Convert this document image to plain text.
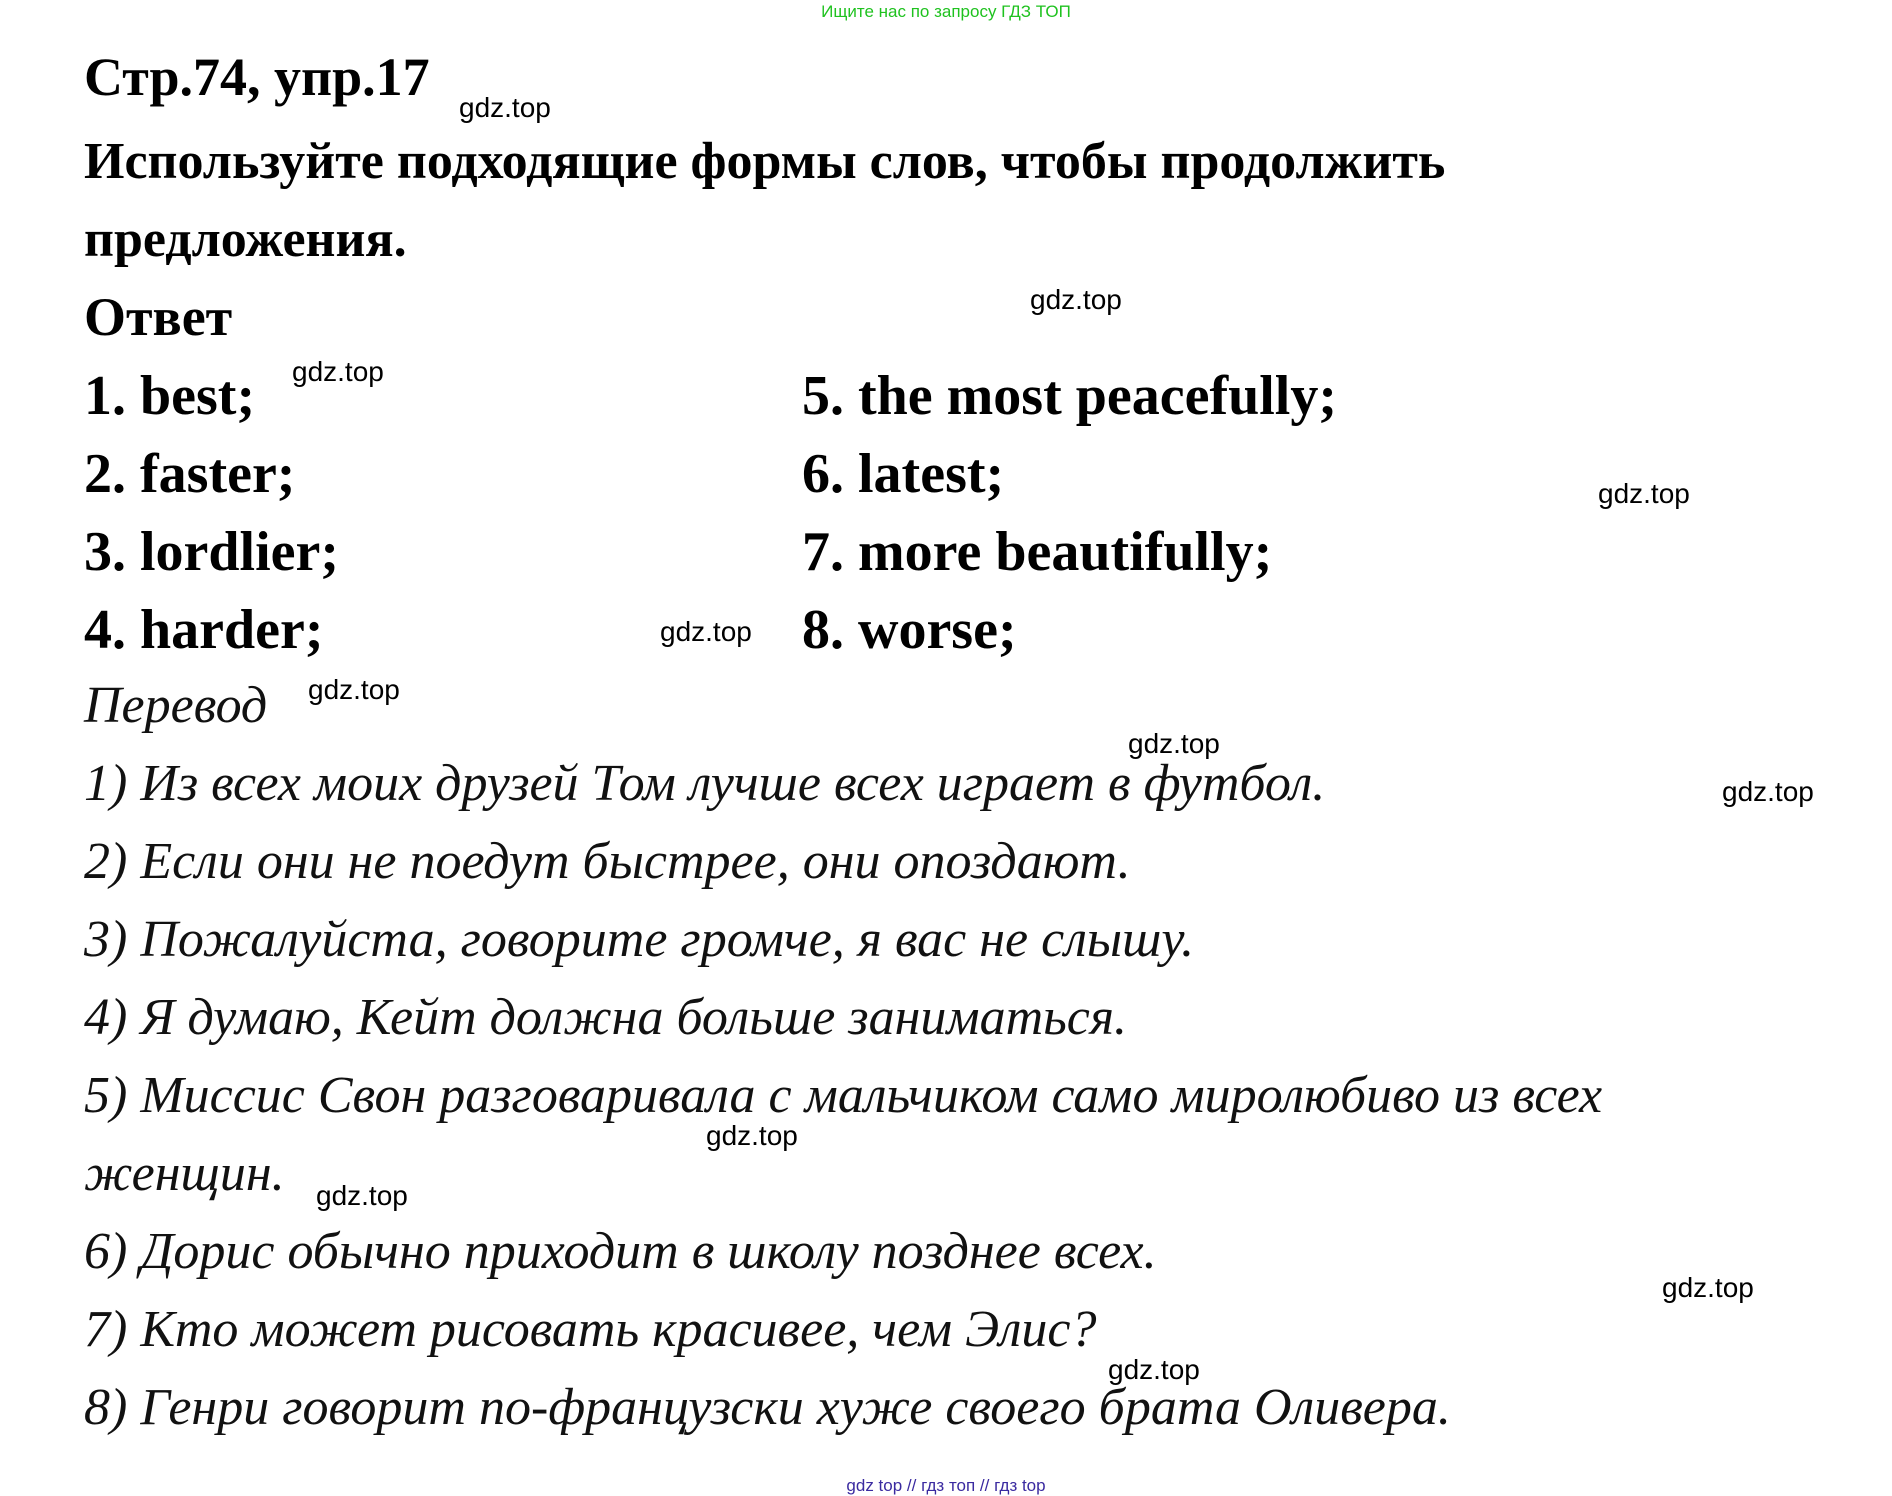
Ищите нас по запросу ГДЗ ТОП
Стр.74, упр.17

Используйте подходящие формы слов, чтобы продолжить

предложения.

Ответ

1. best;

2. faster;

3. lordlier;

4. harder;

5. the most peacefully;

6. latest;

7. more beautifully;

8. worse;

Перевод

1) Из всех моих друзей Том лучше всех играет в футбол.

2) Если они не поедут быстрее, они опоздают.

3) Пожалуйста, говорите громче, я вас не слышу.

4) Я думаю, Кейт должна больше заниматься.

5) Миссис Свон разговаривала с мальчиком само миролюбиво из всех

женщин.

6) Дорис обычно приходит в школу позднее всех.

7) Кто может рисовать красивее, чем Элис?

8) Генри говорит по-французски хуже своего брата Оливера.

gdz.top
gdz.top
gdz.top
gdz.top
gdz.top
gdz.top
gdz.top
gdz.top
gdz.top
gdz.top
gdz.top
gdz.top
gdz top // гдз топ // гдз top
